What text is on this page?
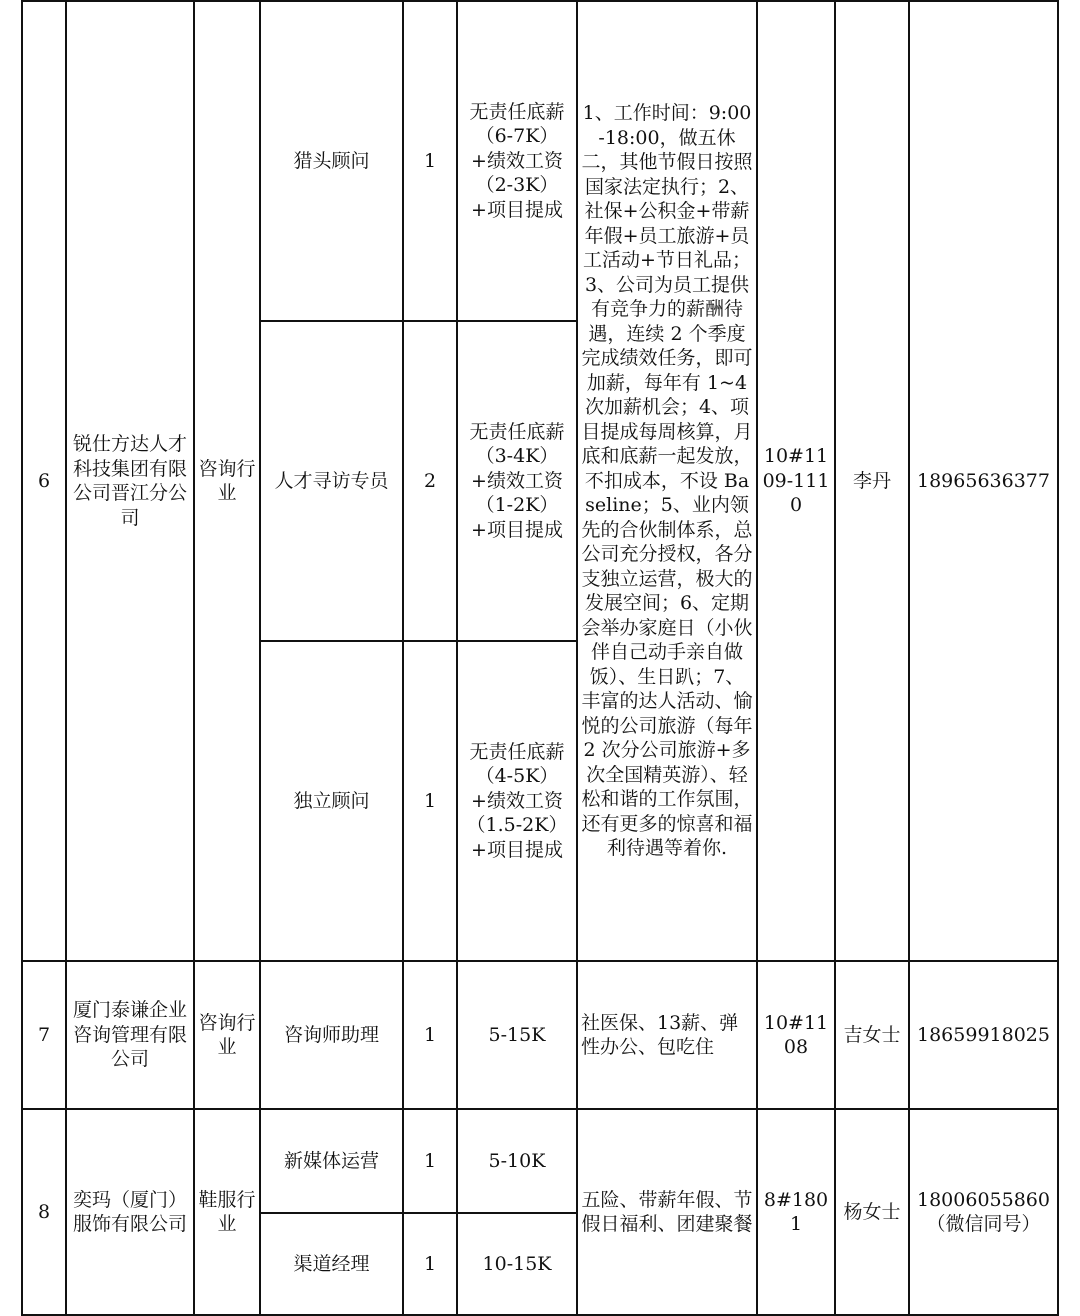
6	锐仕方达人才科技集团有限公司晋江分公司	咨询行业	猎头顾问	1	无责任底薪（6-7K）+绩效工资（2-3K）+项目提成	1、工作时间：9:00-18:00，做五休二，其他节假日按照国家法定执行；2、社保+公积金+带薪年假+员工旅游+员工活动+节日礼品；3、公司为员工提供有竞争力的薪酬待遇，连续 2 个季度完成绩效任务，即可加薪，每年有 1~4 次加薪机会；4、项目提成每周核算，月底和底薪一起发放，不扣成本，不设 Baseline；5、业内领先的合伙制体系，总公司充分授权，各分支独立运营，极大的发展空间；6、定期会举办家庭日（小伙伴自己动手亲自做饭）、生日趴；7、丰富的达人活动、愉悦的公司旅游（每年 2 次分公司旅游+多次全国精英游）、轻松和谐的工作氛围，还有更多的惊喜和福利待遇等着你.	10#1109-1110	李丹	18965636377
			人才寻访专员	2	无责任底薪（3-4K）+绩效工资（1-2K）+项目提成				
			独立顾问	1	无责任底薪（4-5K）+绩效工资（1.5-2K）+项目提成				
7	厦门泰谦企业咨询管理有限公司	咨询行业	咨询师助理	1	5-15K	社医保、13薪、弹性办公、包吃住	10#1108	吉女士	18659918025
8	奕玛（厦门）服饰有限公司	鞋服行业	新媒体运营	1	5-10K	五险、带薪年假、节假日福利、团建聚餐	8#1801	杨女士	18006055860（微信同号）
			渠道经理	1	10-15K				
